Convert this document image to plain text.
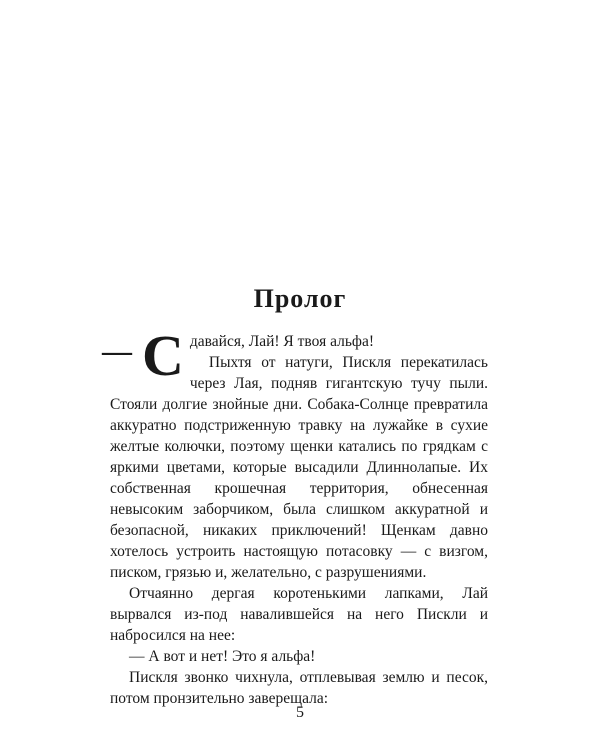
Пролог

— С давайся, Лай! Я твоя альфа!

Пыхтя от натуги, Пискля перекатилась через Лая, подняв гигантскую тучу пыли. Стояли долгие знойные дни. Собака-Солнце превратила аккуратно подстриженную травку на лужайке в сухие желтые колючки, поэтому щенки катались по грядкам с яркими цветами, которые высадили Длиннолапые. Их собственная крошечная территория, обнесенная невысоким заборчиком, была слишком аккуратной и безопасной, никаких приключений! Щенкам давно хотелось устроить настоящую потасовку — с визгом, писком, грязью и, желательно, с разрушениями.

Отчаянно дергая коротенькими лапками, Лай вырвался из-под навалившейся на него Пискли и набросился на нее:

— А вот и нет! Это я альфа!

Пискля звонко чихнула, отплевывая землю и песок, потом пронзительно заверещала:

5
